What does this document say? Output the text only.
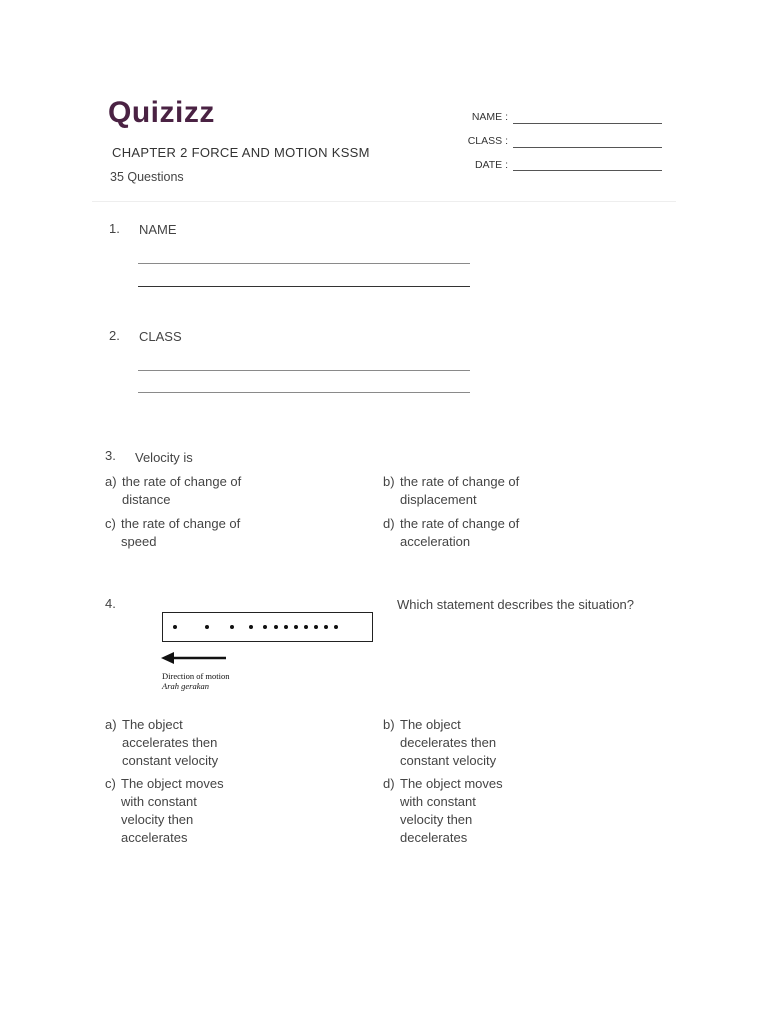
Quizizz
CHAPTER 2 FORCE AND MOTION KSSM
35 Questions
NAME :
CLASS :
DATE :
1. NAME
2. CLASS
3. Velocity is
a) the rate of change of
distance
b) the rate of change of
displacement
c) the rate of change of
speed
d) the rate of change of
acceleration
4.	Which statement describes the situation?
Direction of motion
Arah gerakan
a) The object
accelerates then
constant velocity
b) The object
decelerates then
constant velocity
c) The object moves
with constant
velocity then
accelerates
d) The object moves
with constant
velocity then
decelerates
